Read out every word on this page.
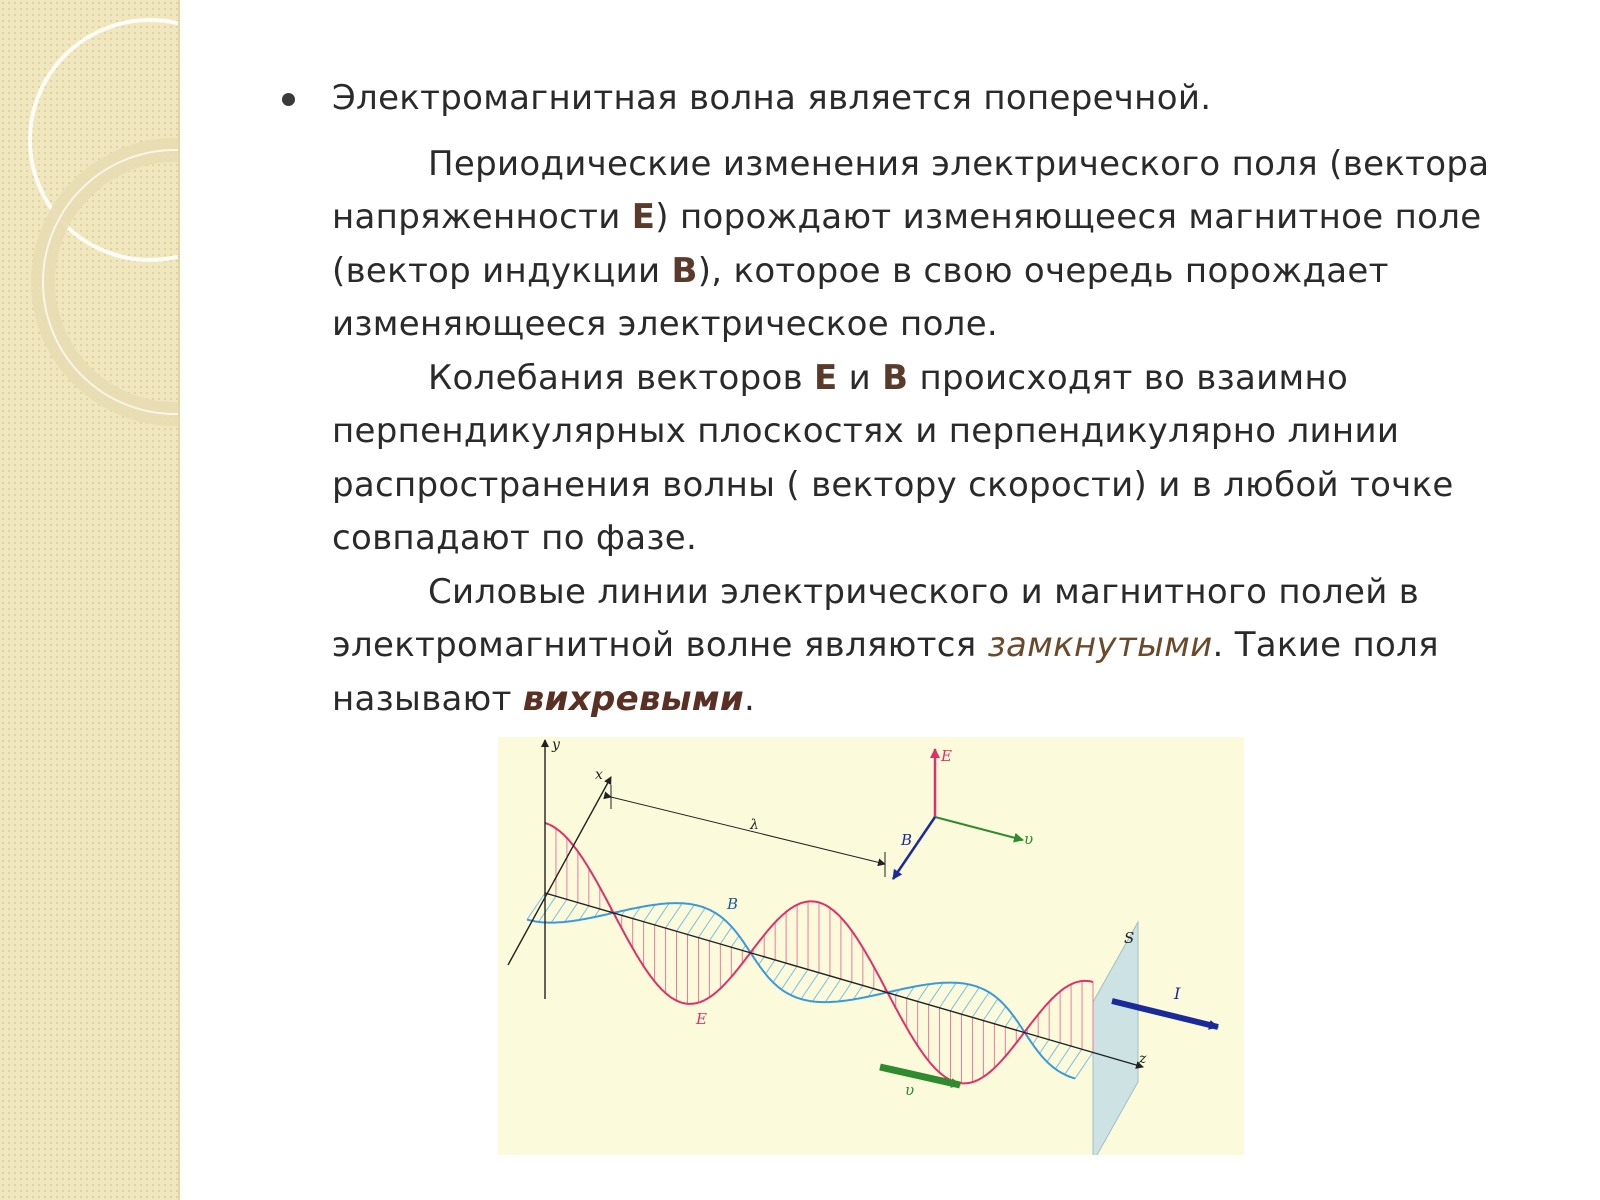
Электромагнитная волна является поперечной.

Периодические изменения электрического поля (вектора напряженности E) порождают изменяющееся магнитное поле (вектор индукции B), которое в свою очередь порождает изменяющееся электрическое поле.

Колебания векторов E и B происходят во взаимно перпендикулярных плоскостях и перпендикулярно линии распространения волны ( вектору скорости) и в любой точке совпадают по фазе.

Силовые линии электрического и магнитного полей в электромагнитной волне являются замкнутыми. Такие поля называют вихревыми.

y
x
z
λ
E
B	υ
B
E
S
I
υ
